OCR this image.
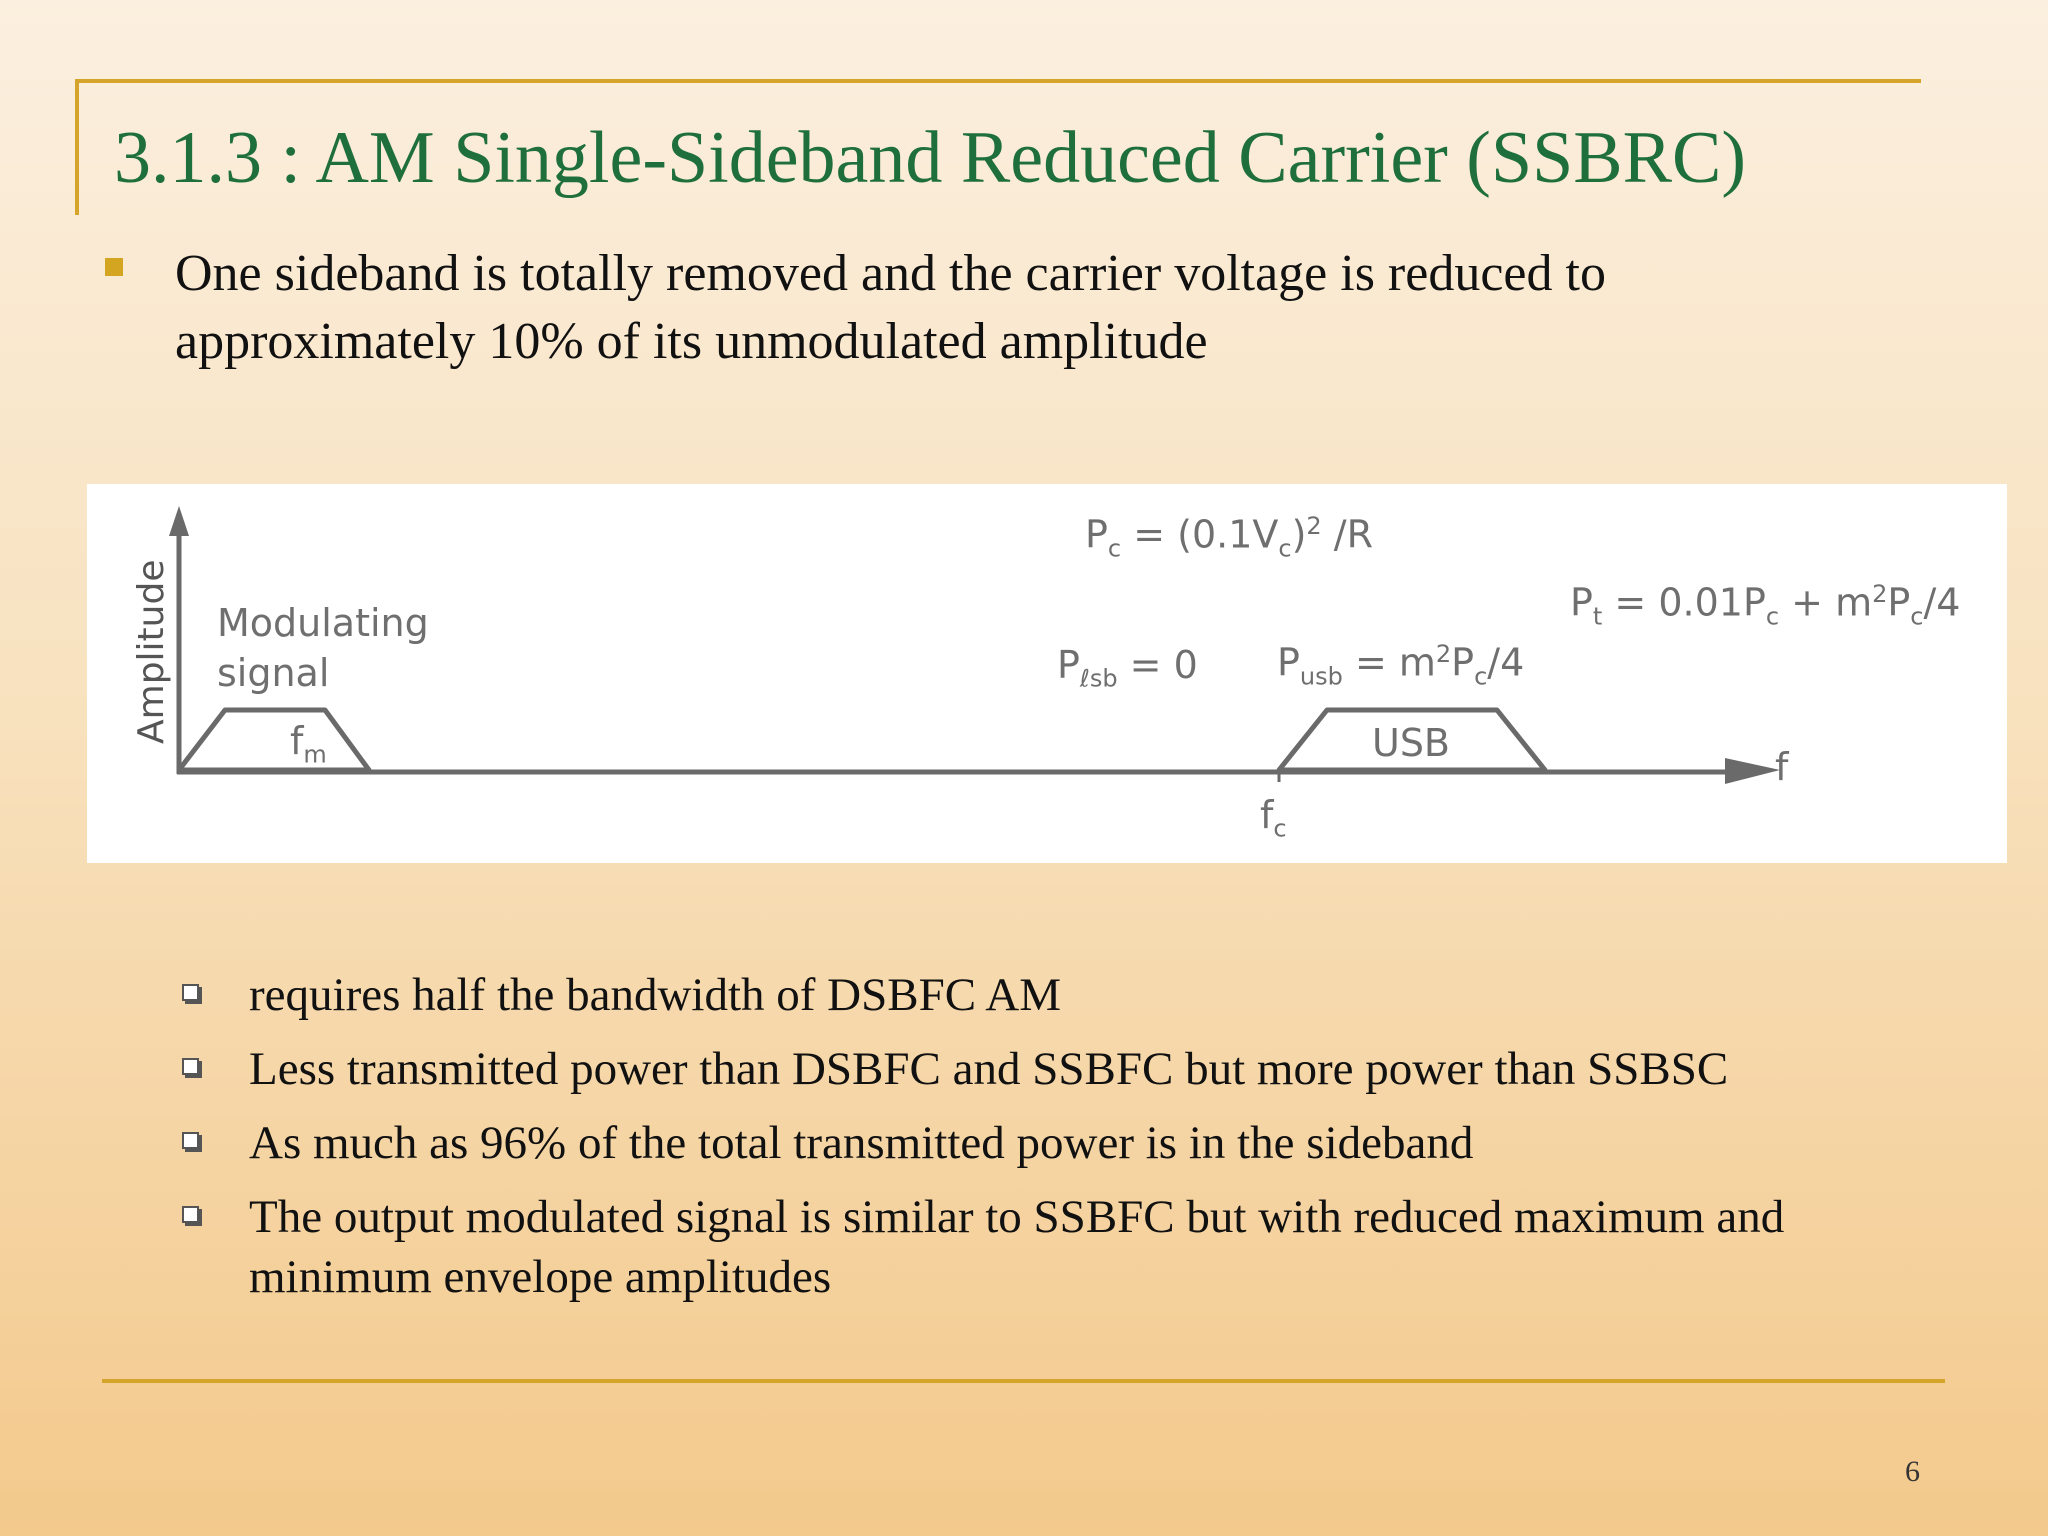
3.1.3 : AM Single-Sideband Reduced Carrier (SSBRC)
One sideband is totally removed and the carrier voltage is reduced to approximately 10% of its unmodulated amplitude
Amplitude Modulating
signal
$f_m$	USB
f
$f_c$
$P_c = (0.1V_c)^2$ /R
$P_{\ell sb} = 0$ $P_{usb} = m^2P_c/4$
$P_t = 0.01P_c + m^2P_c/4$
requires half the bandwidth of DSBFC AM
Less transmitted power than DSBFC and SSBFC but more power than SSBSC
As much as 96% of the total transmitted power is in the sideband
The output modulated signal is similar to SSBFC but with reduced maximum and minimum envelope amplitudes
6
